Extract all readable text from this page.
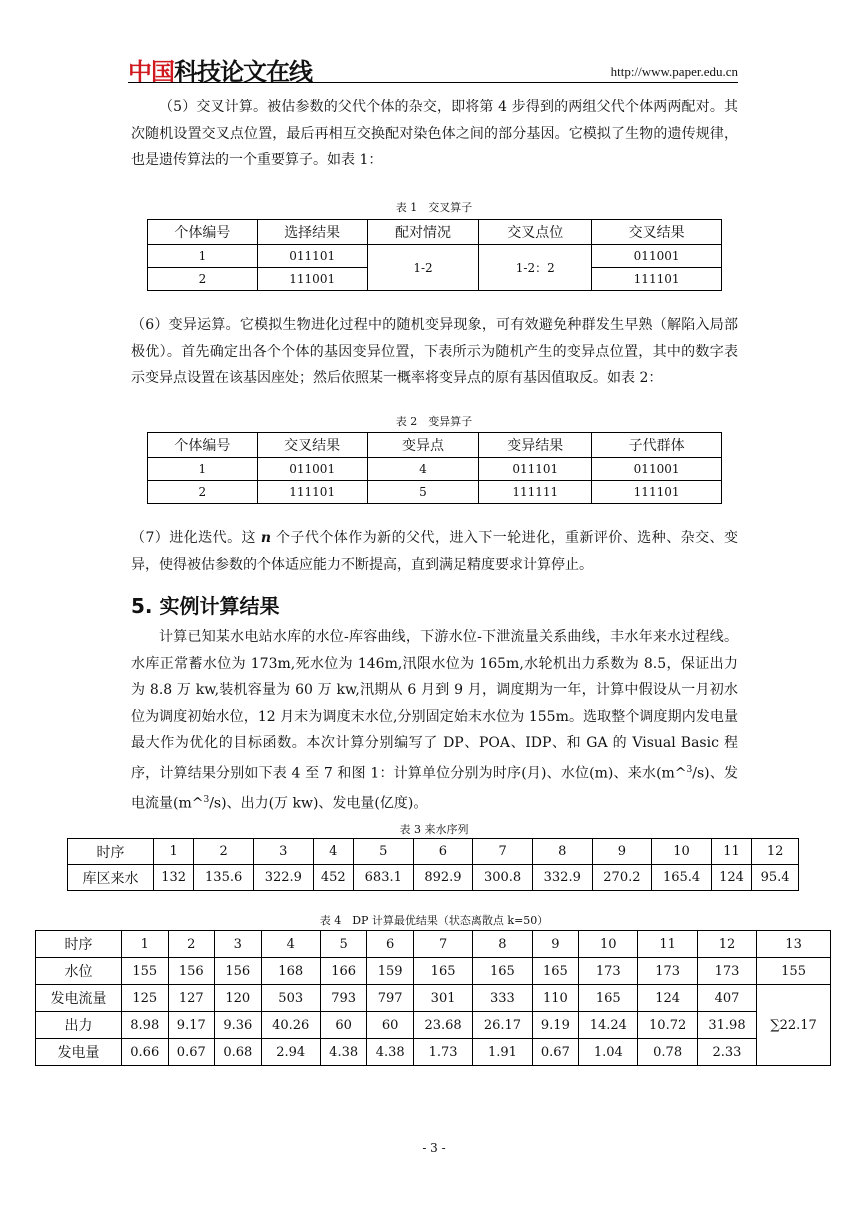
中国科技论文在线	http://www.paper.edu.cn

（5）交叉计算。被估参数的父代个体的杂交，即将第 4 步得到的两组父代个体两两配对。其次随机设置交叉点位置，最后再相互交换配对染色体之间的部分基因。它模拟了生物的遗传规律，也是遗传算法的一个重要算子。如表 1：

表 1　交叉算子
个体编号	选择结果	配对情况	交叉点位	交叉结果
1	011101	1-2	1-2：2	011001
2	111001			111101

（6）变异运算。它模拟生物进化过程中的随机变异现象，可有效避免种群发生早熟（解陷入局部极优）。首先确定出各个个体的基因变异位置，下表所示为随机产生的变异点位置，其中的数字表示变异点设置在该基因座处；然后依照某一概率将变异点的原有基因值取反。如表 2：

表 2　变异算子
个体编号	交叉结果	变异点	变异结果	子代群体
1	011001	4	011101	011001
2	111101	5	111111	111101

（7）进化迭代。这 n 个子代个体作为新的父代，进入下一轮进化，重新评价、选种、杂交、变异，使得被估参数的个体适应能力不断提高，直到满足精度要求计算停止。

5. 实例计算结果

计算已知某水电站水库的水位-库容曲线，下游水位-下泄流量关系曲线，丰水年来水过程线。水库正常蓄水位为 173m,死水位为 146m,汛限水位为 165m,水轮机出力系数为 8.5，保证出力为 8.8 万 kw,装机容量为 60 万 kw,汛期从 6 月到 9 月，调度期为一年，计算中假设从一月初水位为调度初始水位，12 月末为调度末水位,分别固定始末水位为 155m。选取整个调度期内发电量最大作为优化的目标函数。本次计算分别编写了 DP、POA、IDP、和 GA 的 Visual Basic 程序，计算结果分别如下表 4 至 7 和图 1：计算单位分别为时序(月)、水位(m)、来水(m^$^3$/s)、发电流量(m^$^3$/s)、出力(万 kw)、发电量(亿度)。

表 3 来水序列
时序	1	2	3	4	5	6	7	8	9	10	11	12
库区来水	132	135.6	322.9	452	683.1	892.9	300.8	332.9	270.2	165.4	124	95.4
表 4　DP 计算最优结果（状态离散点 k=50）
时序	1	2	3	4	5	6	7	8	9	10	11	12	13
水位	155	156	156	168	166	159	165	165	165	173	173	173	155
发电流量	125	127	120	503	793	797	301	333	110	165	124	407	∑22.17
出力	8.98	9.17	9.36	40.26	60	60	23.68	26.17	9.19	14.24	10.72	31.98	
发电量	0.66	0.67	0.68	2.94	4.38	4.38	1.73	1.91	0.67	1.04	0.78	2.33	
- 3 -
